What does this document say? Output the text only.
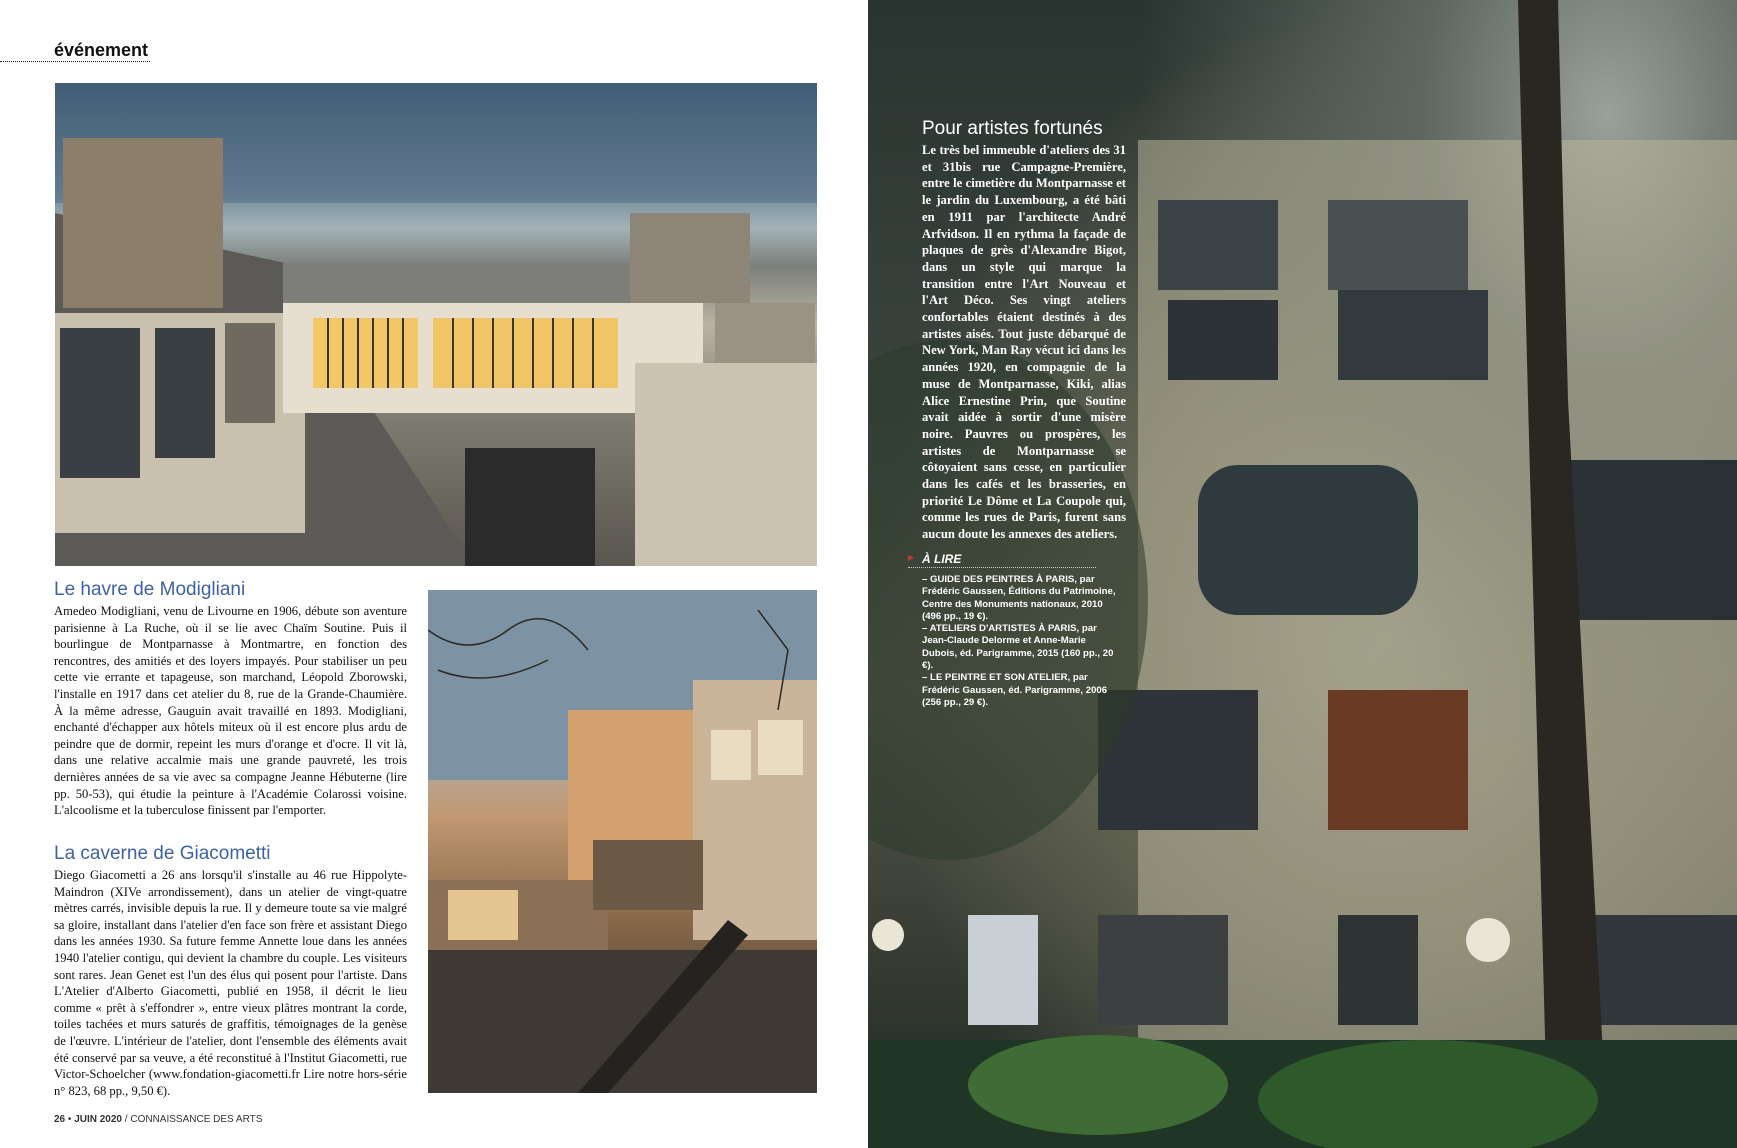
événement
Le havre de Modigliani
Amedeo Modigliani, venu de Livourne en 1906, débute son aventure parisienne à La Ruche, où il se lie avec Chaïm Soutine. Puis il bourlingue de Montparnasse à Montmartre, en fonction des rencontres, des amitiés et des loyers impayés. Pour stabiliser un peu cette vie errante et tapageuse, son marchand, Léopold Zborowski, l'installe en 1917 dans cet atelier du 8, rue de la Grande-Chaumière. À la même adresse, Gauguin avait travaillé en 1893. Modigliani, enchanté d'échapper aux hôtels miteux où il est encore plus ardu de peindre que de dormir, repeint les murs d'orange et d'ocre. Il vit là, dans une relative accalmie mais une grande pauvreté, les trois dernières années de sa vie avec sa compagne Jeanne Hébuterne (lire pp. 50-53), qui étudie la peinture à l'Académie Colarossi voisine. L'alcoolisme et la tuberculose finissent par l'emporter.
La caverne de Giacometti
Diego Giacometti a 26 ans lorsqu'il s'installe au 46 rue Hippolyte-Maindron (XIVe arrondissement), dans un atelier de vingt-quatre mètres carrés, invisible depuis la rue. Il y demeure toute sa vie malgré sa gloire, installant dans l'atelier d'en face son frère et assistant Diego dans les années 1930. Sa future femme Annette loue dans les années 1940 l'atelier contigu, qui devient la chambre du couple. Les visiteurs sont rares. Jean Genet est l'un des élus qui posent pour l'artiste. Dans L'Atelier d'Alberto Giacometti, publié en 1958, il décrit le lieu comme « prêt à s'effondrer », entre vieux plâtres montrant la corde, toiles tachées et murs saturés de graffitis, témoignages de la genèse de l'œuvre. L'intérieur de l'atelier, dont l'ensemble des éléments avait été conservé par sa veuve, a été reconstitué à l'Institut Giacometti, rue Victor-Schoelcher (www.fondation-giacometti.fr Lire notre hors-série n° 823, 68 pp., 9,50 €).
26 • JUIN 2020 / CONNAISSANCE DES ARTS
Pour artistes fortunés
Le très bel immeuble d'ateliers des 31 et 31bis rue Campagne-Première, entre le cimetière du Montparnasse et le jardin du Luxembourg, a été bâti en 1911 par l'architecte André Arfvidson. Il en rythma la façade de plaques de grès d'Alexandre Bigot, dans un style qui marque la transition entre l'Art Nouveau et l'Art Déco. Ses vingt ateliers confortables étaient destinés à des artistes aisés. Tout juste débarqué de New York, Man Ray vécut ici dans les années 1920, en compagnie de la muse de Montparnasse, Kiki, alias Alice Ernestine Prin, que Soutine avait aidée à sortir d'une misère noire. Pauvres ou prospères, les artistes de Montparnasse se côtoyaient sans cesse, en particulier dans les cafés et les brasseries, en priorité Le Dôme et La Coupole qui, comme les rues de Paris, furent sans aucun doute les annexes des ateliers.
▸ À LIRE
– GUIDE DES PEINTRES À PARIS, par Frédéric Gaussen, Éditions du Patrimoine, Centre des Monuments nationaux, 2010 (496 pp., 19 €).
– ATELIERS D'ARTISTES À PARIS, par Jean-Claude Delorme et Anne-Marie Dubois, éd. Parigramme, 2015 (160 pp., 20 €).
– LE PEINTRE ET SON ATELIER, par Frédéric Gaussen, éd. Parigramme, 2006 (256 pp., 29 €).
